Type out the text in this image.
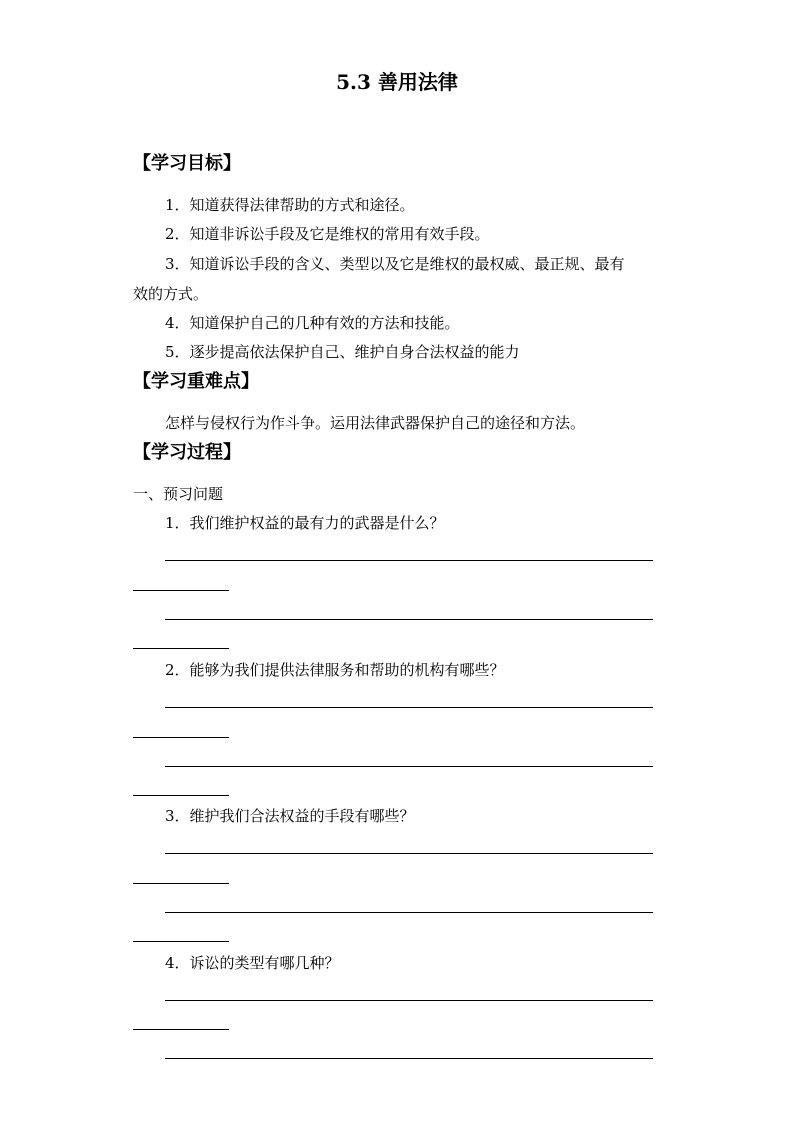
5.3 善用法律
【学习目标】
1．知道获得法律帮助的方式和途径。
2．知道非诉讼手段及它是维权的常用有效手段。
3．知道诉讼手段的含义、类型以及它是维权的最权威、最正规、最有
效的方式。
4．知道保护自己的几种有效的方法和技能。
5．逐步提高依法保护自己、维护自身合法权益的能力
【学习重难点】
怎样与侵权行为作斗争。运用法律武器保护自己的途径和方法。
【学习过程】
一、预习问题
1．我们维护权益的最有力的武器是什么？
2．能够为我们提供法律服务和帮助的机构有哪些？
3．维护我们合法权益的手段有哪些？
4．诉讼的类型有哪几种？
